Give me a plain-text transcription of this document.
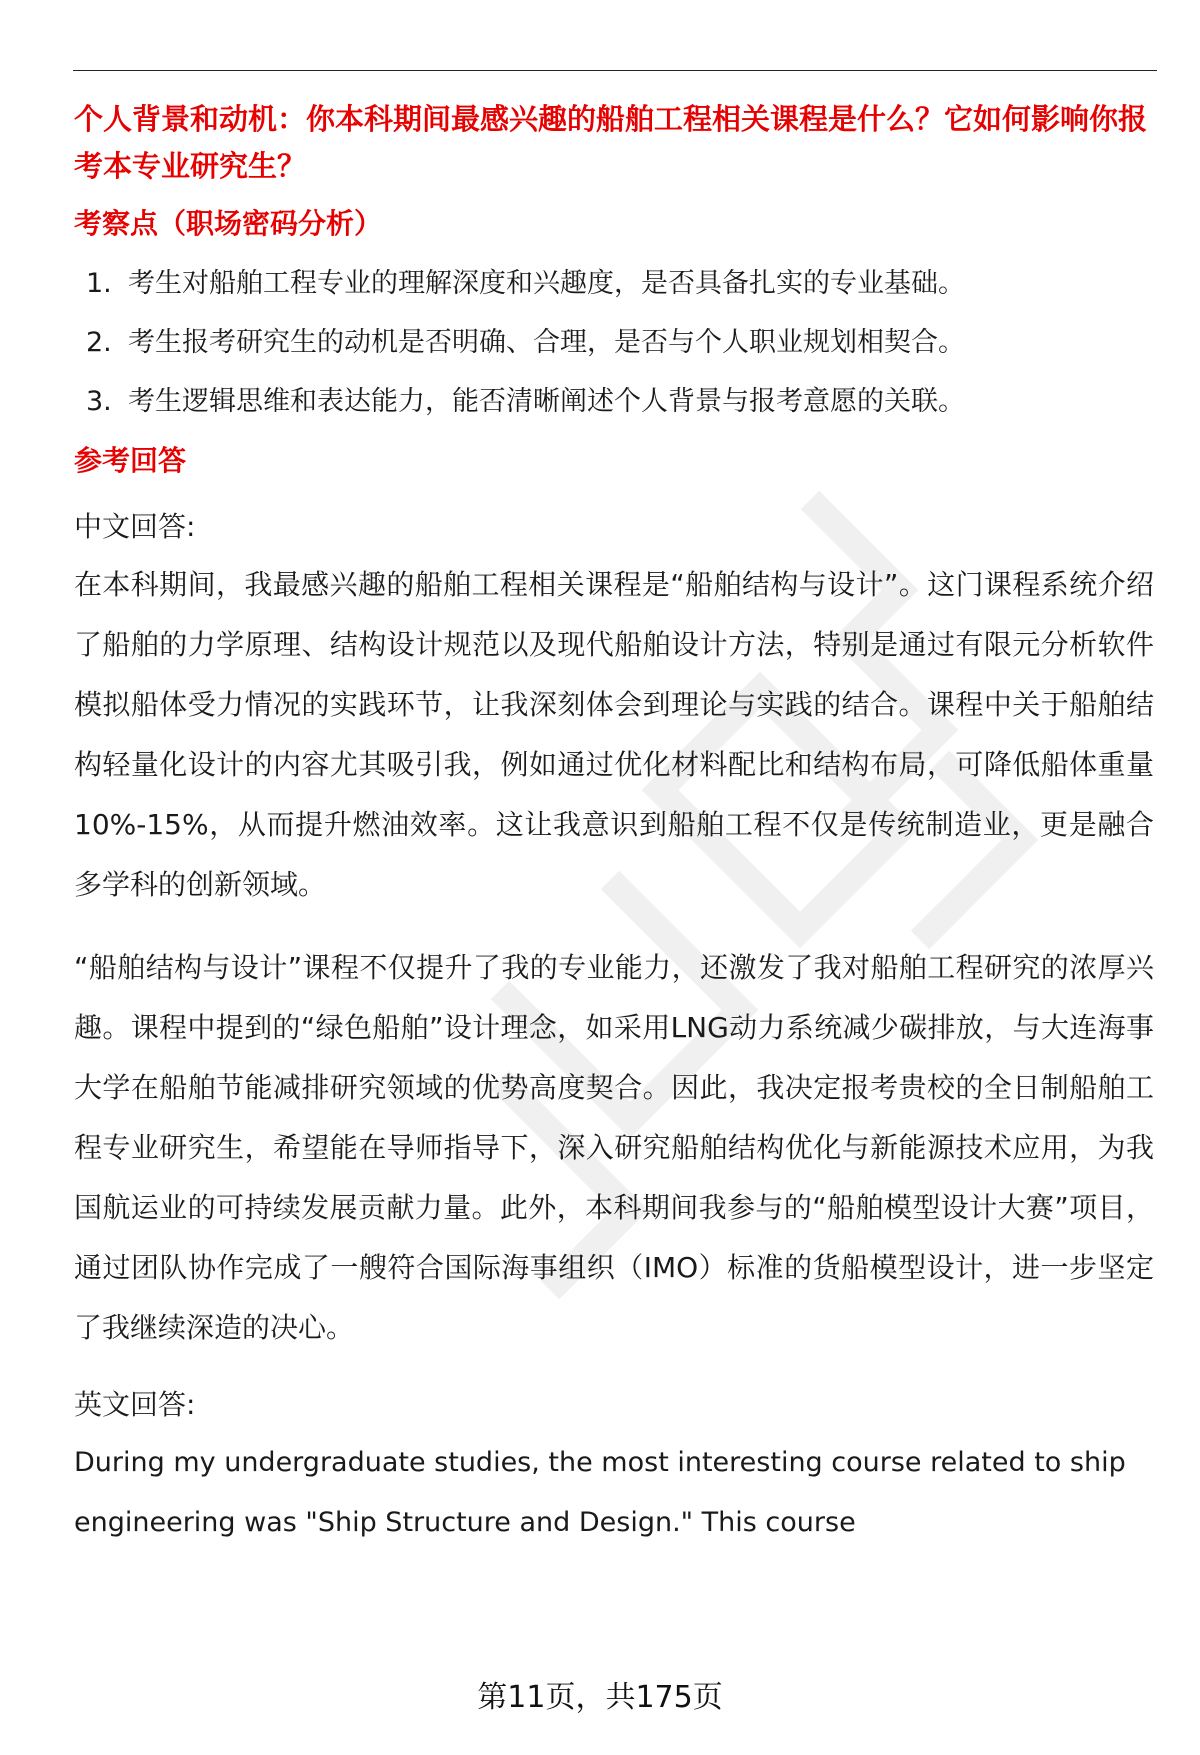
个人背景和动机：你本科期间最感兴趣的船舶工程相关课程是什么？它如何影响你报考本专业研究生？

考察点（职场密码分析）

1. 考生对船舶工程专业的理解深度和兴趣度，是否具备扎实的专业基础。
2. 考生报考研究生的动机是否明确、合理，是否与个人职业规划相契合。
3. 考生逻辑思维和表达能力，能否清晰阐述个人背景与报考意愿的关联。

参考回答

中文回答:

在本科期间，我最感兴趣的船舶工程相关课程是“船舶结构与设计”。这门课程系统介绍了船舶的力学原理、结构设计规范以及现代船舶设计方法，特别是通过有限元分析软件模拟船体受力情况的实践环节，让我深刻体会到理论与实践的结合。课程中关于船舶结构轻量化设计的内容尤其吸引我，例如通过优化材料配比和结构布局，可降低船体重量10%-15%，从而提升燃油效率。这让我意识到船舶工程不仅是传统制造业，更是融合多学科的创新领域。

“船舶结构与设计”课程不仅提升了我的专业能力，还激发了我对船舶工程研究的浓厚兴趣。课程中提到的“绿色船舶”设计理念，如采用LNG动力系统减少碳排放，与大连海事大学在船舶节能减排研究领域的优势高度契合。因此，我决定报考贵校的全日制船舶工程专业研究生，希望能在导师指导下，深入研究船舶结构优化与新能源技术应用，为我国航运业的可持续发展贡献力量。此外，本科期间我参与的“船舶模型设计大赛”项目，通过团队协作完成了一艘符合国际海事组织（IMO）标准的货船模型设计，进一步坚定了我继续深造的决心。

英文回答:

During my undergraduate studies, the most interesting course related to ship engineering was "Ship Structure and Design." This course

第11页，共175页
